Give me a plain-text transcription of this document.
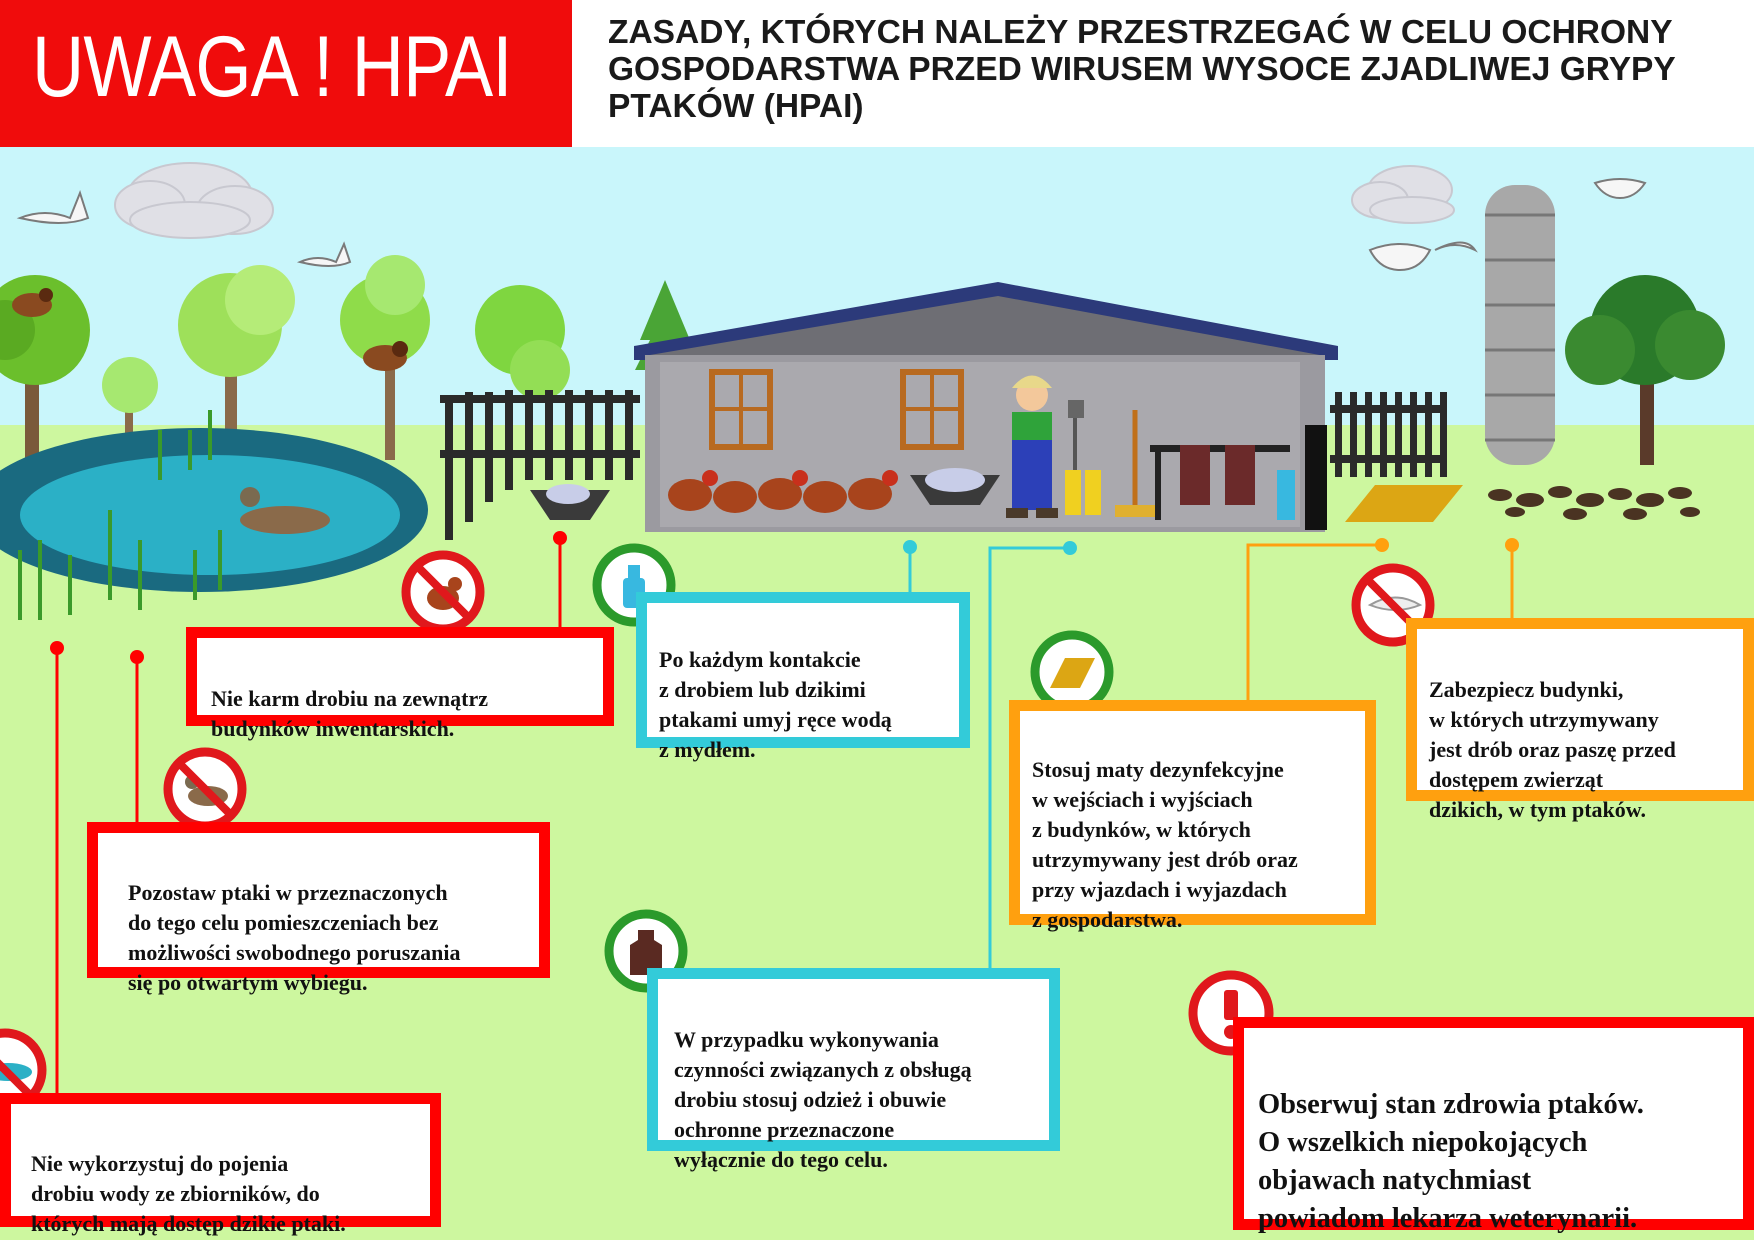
UWAGA ! HPAI	ZASADY, KTÓRYCH NALEŻY PRZESTRZEGAĆ W CELU OCHRONY
GOSPODARSTWA PRZED WIRUSEM WYSOCE ZJADLIWEJ GRYPY
PTAKÓW (HPAI)

Nie karm drobiu na zewnątrz
budynków inwentarskich.

Po każdym kontakcie
z drobiem lub dzikimi
ptakami umyj ręce wodą
z mydłem.

Stosuj maty dezynfekcyjne
w wejściach i wyjściach
z budynków, w których
utrzymywany jest drób oraz
przy wjazdach i wyjazdach
z gospodarstwa.

Zabezpiecz budynki,
w których utrzymywany
jest drób oraz paszę przed
dostępem zwierząt
dzikich, w tym ptaków.

Pozostaw ptaki w przeznaczonych
do tego celu pomieszczeniach bez
możliwości swobodnego poruszania
się po otwartym wybiegu.

W przypadku wykonywania
czynności związanych z obsługą
drobiu stosuj odzież i obuwie
ochronne przeznaczone
wyłącznie do tego celu.

Nie wykorzystuj do pojenia
drobiu wody ze zbiorników, do
których mają dostęp dzikie ptaki.

Obserwuj stan zdrowia ptaków.
O wszelkich niepokojących
objawach natychmiast
powiadom lekarza weterynarii.
